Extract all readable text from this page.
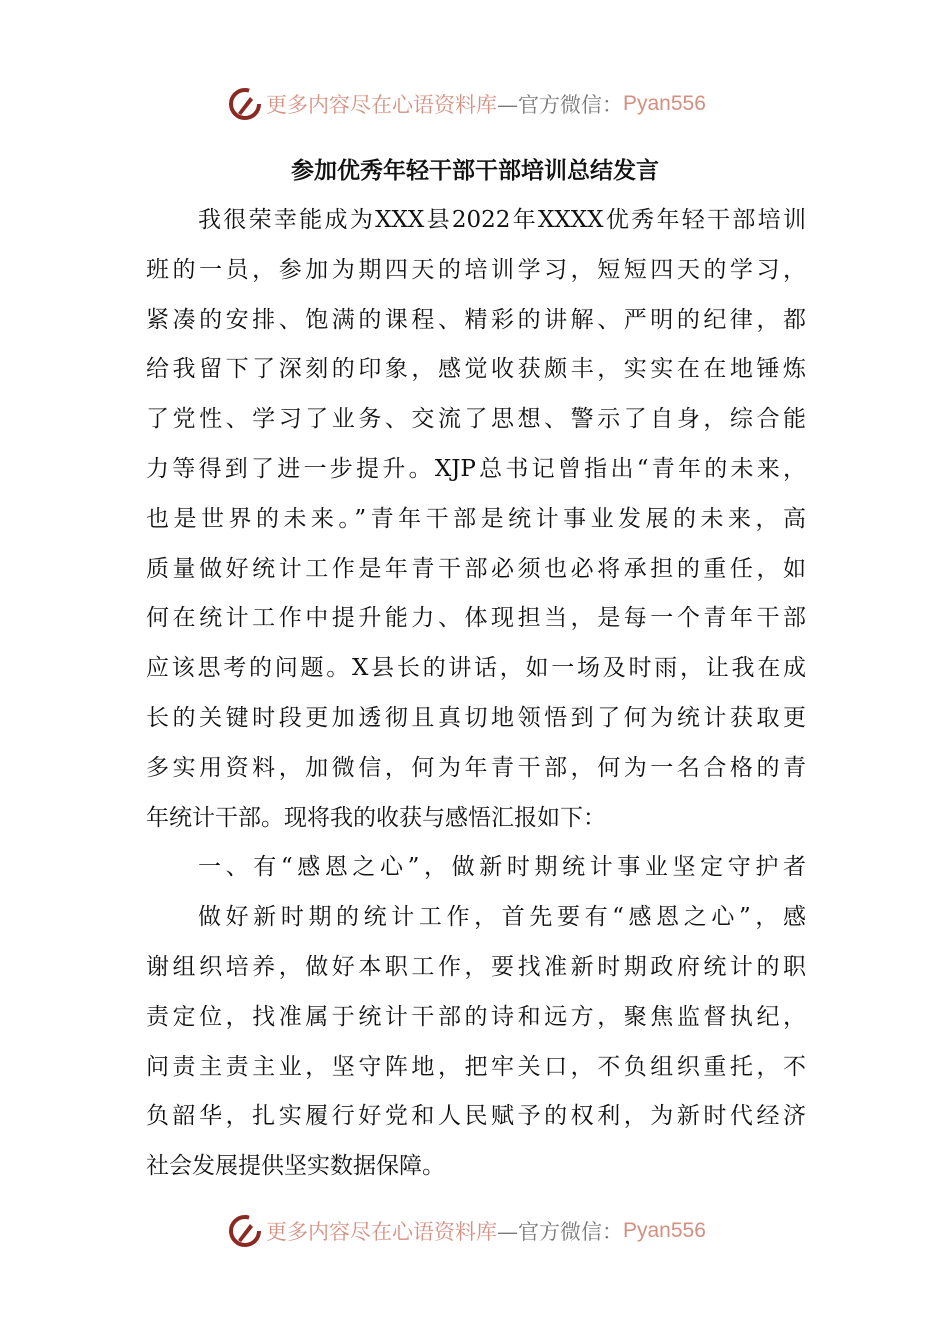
更多内容尽在心语资料库 —官方微信： Pyan556
参加优秀年轻干部干部培训总结发言
我很荣幸能成为XXX县2022年XXXX优秀年轻干部培训
班的一员，参加为期四天的培训学习，短短四天的学习，
紧凑的安排、饱满的课程、精彩的讲解、严明的纪律，都
给我留下了深刻的印象，感觉收获颇丰，实实在在地锤炼
了党性、学习了业务、交流了思想、警示了自身，综合能
力等得到了进一步提升。XJP总书记曾指出“青年的未来，
也是世界的未来。”青年干部是统计事业发展的未来，高
质量做好统计工作是年青干部必须也必将承担的重任，如
何在统计工作中提升能力、体现担当，是每一个青年干部
应该思考的问题。X县长的讲话，如一场及时雨，让我在成
长的关键时段更加透彻且真切地领悟到了何为统计获取更
多实用资料，加微信，何为年青干部，何为一名合格的青
年统计干部。现将我的收获与感悟汇报如下：
一、有“感恩之心”，做新时期统计事业坚定守护者
做好新时期的统计工作，首先要有“感恩之心”，感
谢组织培养，做好本职工作，要找准新时期政府统计的职
责定位，找准属于统计干部的诗和远方，聚焦监督执纪，
问责主责主业，坚守阵地，把牢关口，不负组织重托，不
负韶华，扎实履行好党和人民赋予的权利，为新时代经济
社会发展提供坚实数据保障。
更多内容尽在心语资料库 —官方微信： Pyan556
